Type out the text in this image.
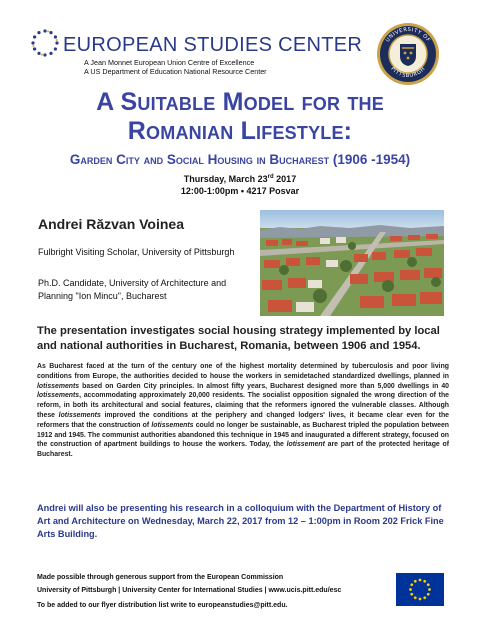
EUROPEAN STUDIES CENTER
A Jean Monnet European Union Centre of Excellence
A US Department of Education National Resource Center
UNIVERSITY OF
PITTSBURGH
A Suitable Model for the
Romanian Lifestyle:
Garden City and Social Housing in Bucharest (1906 -1954)
Thursday, March 23rd 2017
12:00-1:00pm • 4217 Posvar
Andrei Răzvan Voinea
Fulbright Visiting Scholar, University of Pittsburgh
Ph.D. Candidate, University of Architecture and Planning "Ion Mincu", Bucharest
The presentation investigates social housing strategy implemented by local and national authorities in Bucharest, Romania, between 1906 and 1954.
As Bucharest faced at the turn of the century one of the highest mortality determined by tuberculosis and poor living conditions from Europe, the authorities decided to house the workers in semidetached standardized dwellings, planned in lotissements based on Garden City principles. In almost fifty years, Bucharest designed more than 5,000 dwellings in 40 lotissements, accommodating approximately 20,000 residents. The socialist opposition signaled the wrong direction of the reform, in both its architectural and social features, claiming that the reformers ignored the vulnerable classes. Although these lotissements improved the conditions at the periphery and changed lodgers' lives, it became clear even for the reformers that the construction of lotissements could no longer be sustainable, as Bucharest tripled the population between 1912 and 1945. The communist authorities abandoned this technique in 1945 and inaugurated a different strategy, focused on the construction of apartment buildings to house the workers. Today, the lotissement are part of the protected heritage of Bucharest.
Andrei will also be presenting his research in a colloquium with the Department of History of Art and Architecture on Wednesday, March 22, 2017 from 12 – 1:00pm in Room 202 Frick Fine Arts Building.
Made possible through generous support from the European Commission
University of Pittsburgh | University Center for International Studies | www.ucis.pitt.edu/esc
To be added to our flyer distribution list write to europeanstudies@pitt.edu.
